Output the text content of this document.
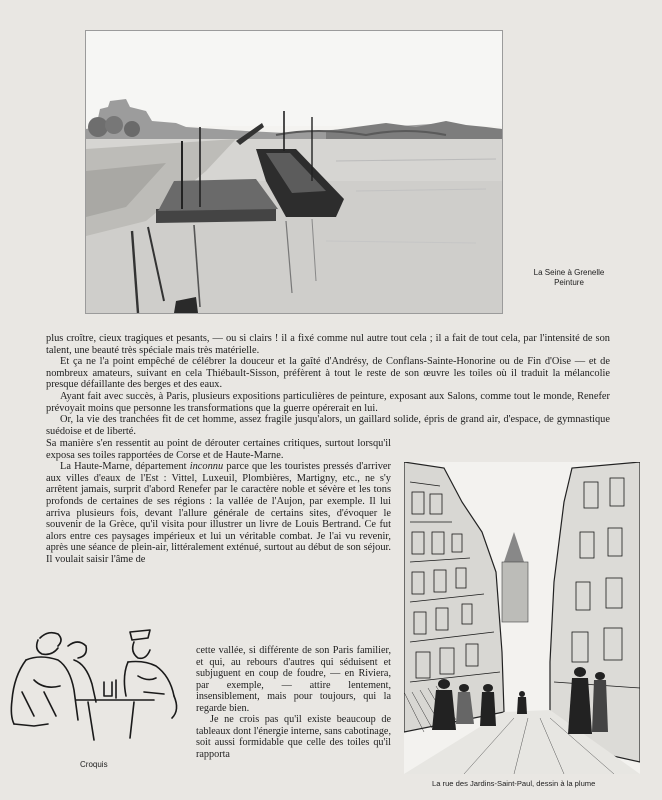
La Seine à Grenelle
Peinture

plus croître, cieux tragiques et pesants, — ou si clairs ! il a fixé comme nul autre tout cela ; il a fait de tout cela, par l'intensité de son talent, une beauté très spéciale mais très matérielle.

Et ça ne l'a point empêché de célébrer la douceur et la gaîté d'Andrésy, de Conflans-Sainte-Honorine ou de Fin d'Oise — et de nombreux amateurs, suivant en cela Thiébault-Sisson, préfèrent à tout le reste de son œuvre les toiles où il traduit la mélancolie presque défaillante des berges et des eaux.

Ayant fait avec succès, à Paris, plusieurs expositions particulières de peinture, exposant aux Salons, comme tout le monde, Renefer prévoyait moins que personne les transformations que la guerre opérerait en lui.

Or, la vie des tranchées fit de cet homme, assez fragile jusqu'alors, un gaillard solide, épris de grand air, d'espace, de gymnastique suédoise et de liberté.

Sa manière s'en ressentit au point de dérouter certaines critiques, surtout lorsqu'il exposa ses toiles rapportées de Corse et de Haute-Marne.

La Haute-Marne, département inconnu parce que les touristes pressés d'arriver aux villes d'eaux de l'Est : Vittel, Luxeuil, Plombières, Martigny, etc., ne s'y arrêtent jamais, surprit d'abord Renefer par le caractère noble et sévère et les tons profonds de certaines de ses régions : la vallée de l'Aujon, par exemple. Il lui arriva plusieurs fois, devant l'allure générale de certains sites, d'évoquer le souvenir de la Grèce, qu'il visita pour illustrer un livre de Louis Bertrand. Ce fut alors entre ces paysages impérieux et lui un véritable combat. Je l'ai vu revenir, après une séance de plein-air, littéralement exténué, surtout au début de son séjour. Il voulait saisir l'âme de

cette vallée, si différente de son Paris familier, et qui, au rebours d'autres qui séduisent et subjuguent en coup de foudre, — en Riviera, par exemple, — attire lentement, insensiblement, mais pour toujours, qui la regarde bien.

Je ne crois pas qu'il existe beaucoup de tableaux dont l'énergie interne, sans cabotinage, soit aussi formidable que celle des toiles qu'il rapporta

La rue des Jardins-Saint-Paul, dessin à la plume
Croquis
